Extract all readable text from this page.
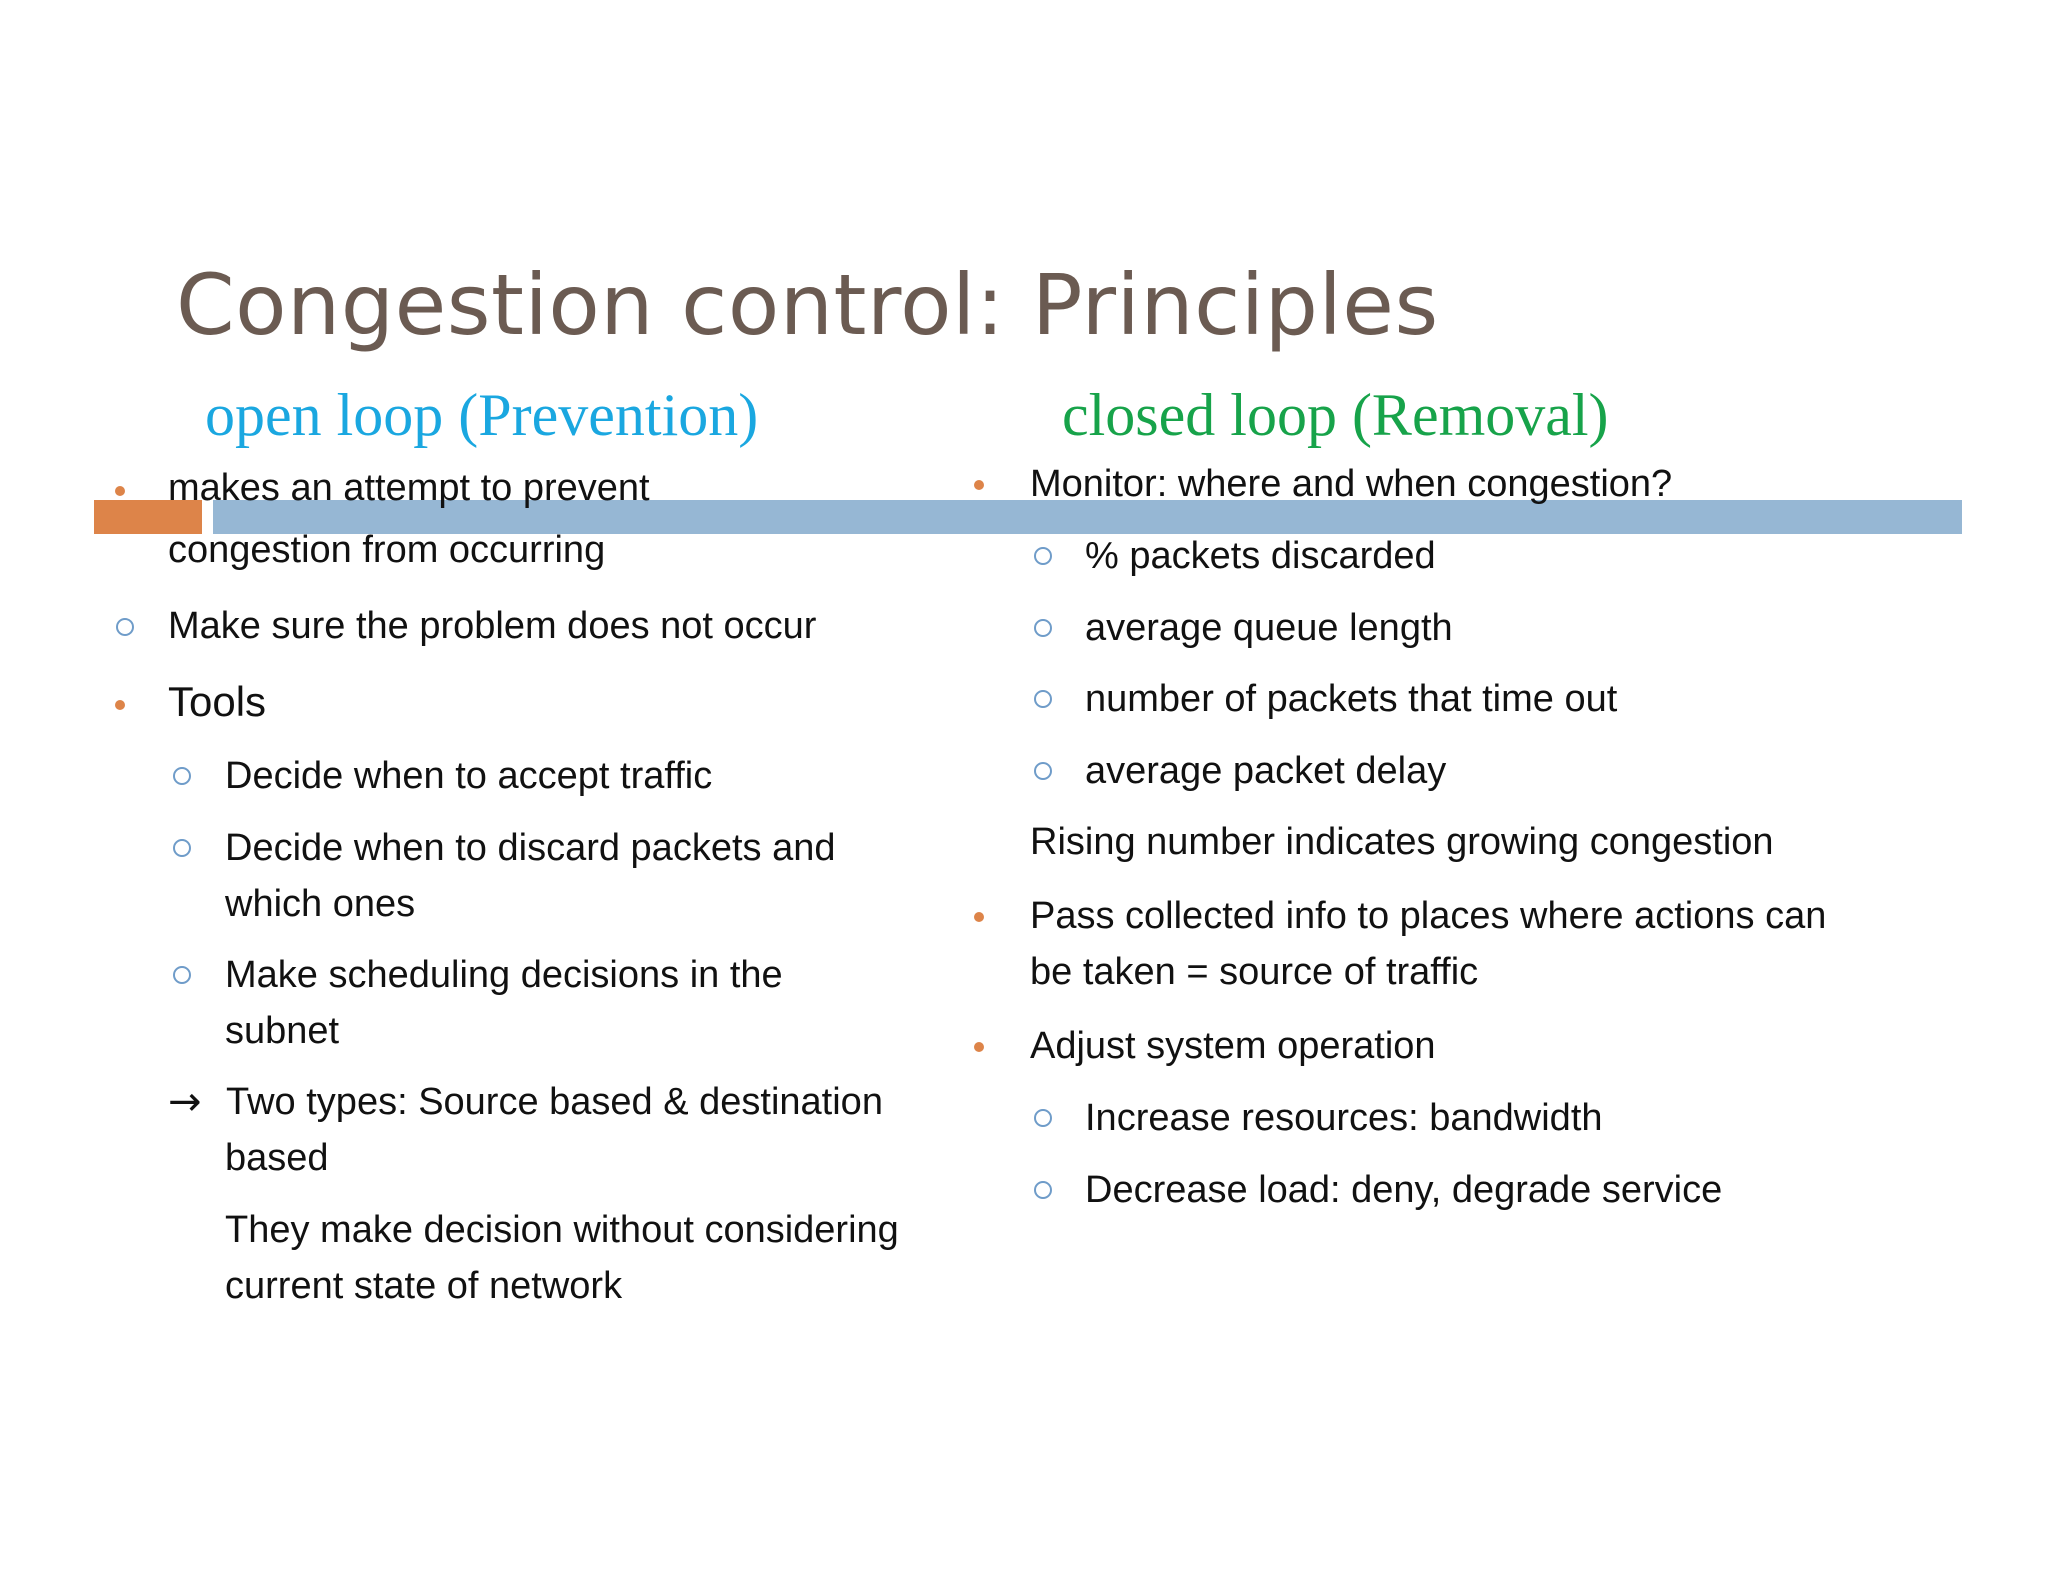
Congestion control: Principles
open loop (Prevention)	closed loop (Removal)
makes an attempt to prevent
congestion from occurring
Make sure the problem does not occur
Tools
Decide when to accept traffic
Decide when to discard packets and
which ones
Make scheduling decisions in the
subnet
→ Two types: Source based & destination
based
They make decision without considering
current state of network
Monitor: where and when congestion?
% packets discarded
average queue length
number of packets that time out
average packet delay
Rising number indicates growing congestion
Pass collected info to places where actions can
be taken = source of traffic
Adjust system operation
Increase resources: bandwidth
Decrease load: deny, degrade service
